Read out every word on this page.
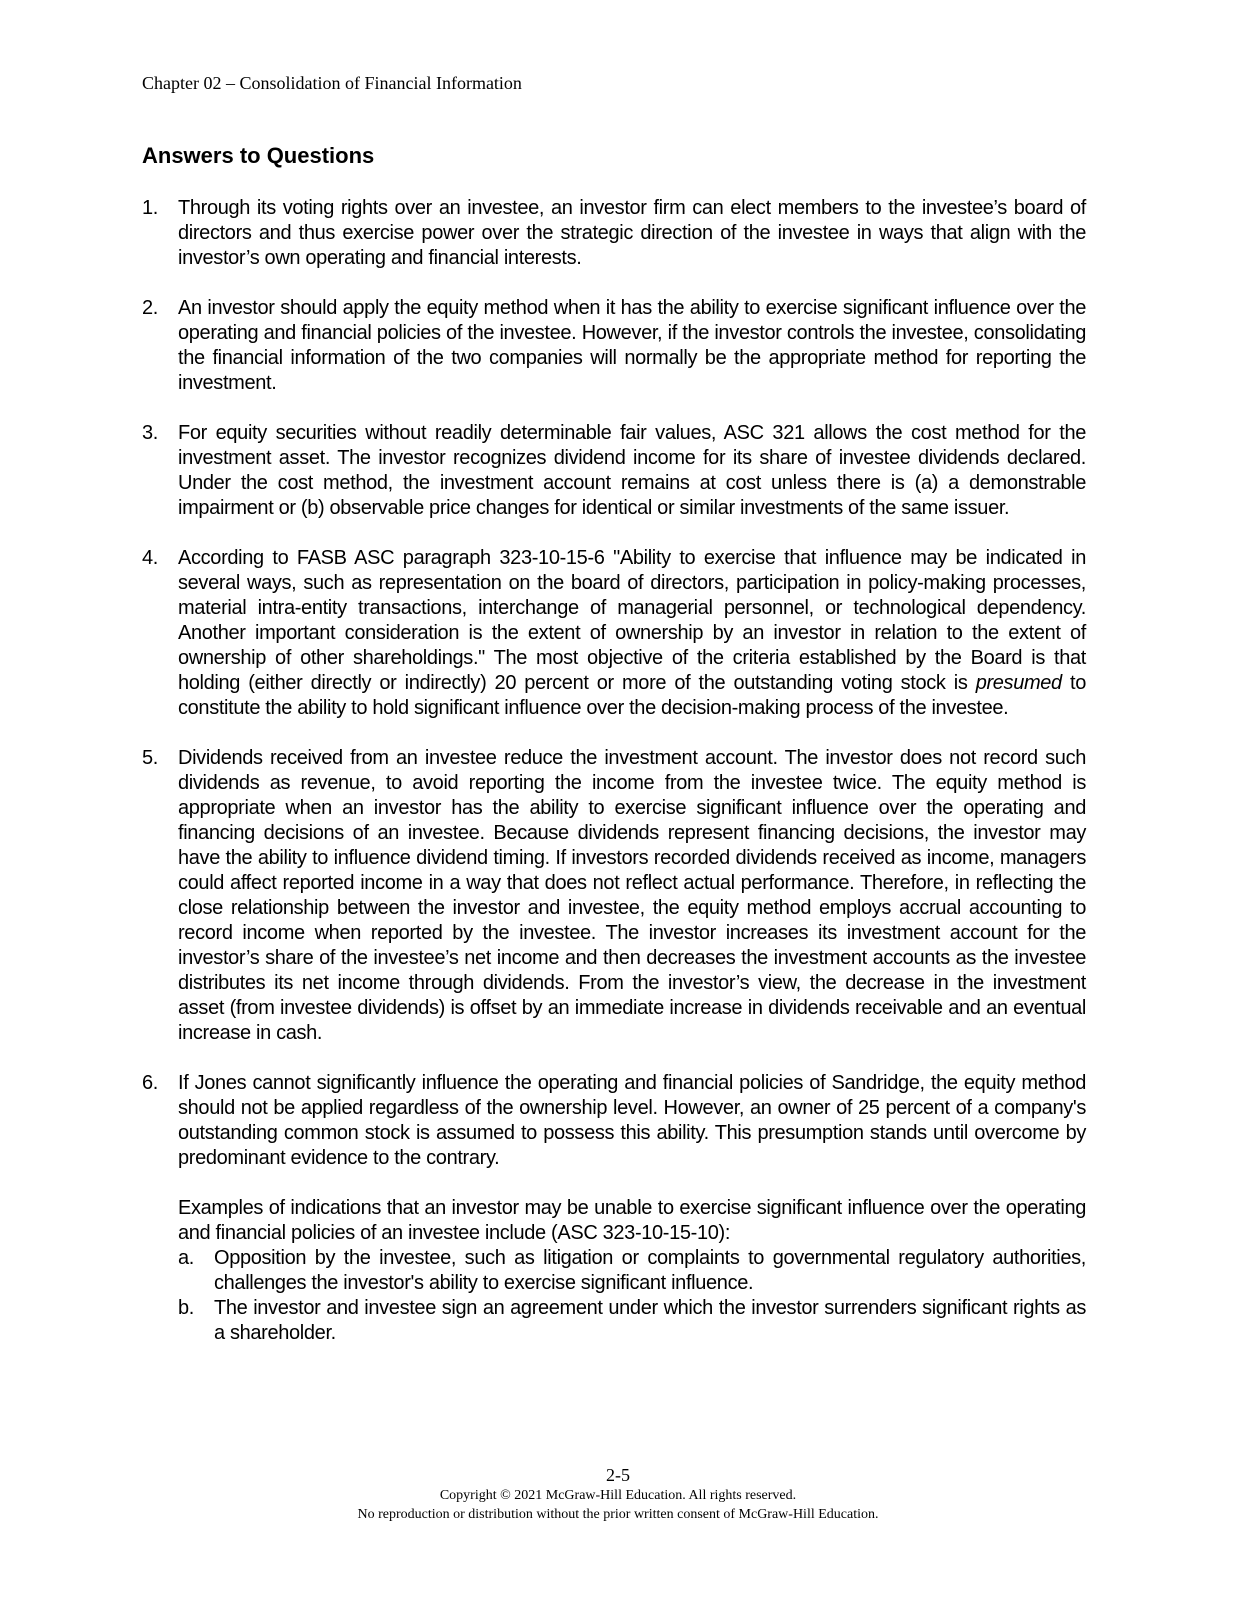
Chapter 02 – Consolidation of Financial Information
Answers to Questions
1. Through its voting rights over an investee, an investor firm can elect members to the investee’s board of directors and thus exercise power over the strategic direction of the investee in ways that align with the investor’s own operating and financial interests.

2. An investor should apply the equity method when it has the ability to exercise significant influence over the operating and financial policies of the investee. However, if the investor controls the investee, consolidating the financial information of the two companies will normally be the appropriate method for reporting the investment.

3. For equity securities without readily determinable fair values, ASC 321 allows the cost method for the investment asset. The investor recognizes dividend income for its share of investee dividends declared. Under the cost method, the investment account remains at cost unless there is (a) a demonstrable impairment or (b) observable price changes for identical or similar investments of the same issuer.

4. According to FASB ASC paragraph 323-10-15-6 "Ability to exercise that influence may be indicated in several ways, such as representation on the board of directors, participation in policy-making processes, material intra-entity transactions, interchange of managerial personnel, or technological dependency. Another important consideration is the extent of ownership by an investor in relation to the extent of ownership of other shareholdings." The most objective of the criteria established by the Board is that holding (either directly or indirectly) 20 percent or more of the outstanding voting stock is presumed to constitute the ability to hold significant influence over the decision-making process of the investee.

5. Dividends received from an investee reduce the investment account. The investor does not record such dividends as revenue, to avoid reporting the income from the investee twice. The equity method is appropriate when an investor has the ability to exercise significant influence over the operating and financing decisions of an investee. Because dividends represent financing decisions, the investor may have the ability to influence dividend timing. If investors recorded dividends received as income, managers could affect reported income in a way that does not reflect actual performance. Therefore, in reflecting the close relationship between the investor and investee, the equity method employs accrual accounting to record income when reported by the investee. The investor increases its investment account for the investor’s share of the investee’s net income and then decreases the investment accounts as the investee distributes its net income through dividends. From the investor’s view, the decrease in the investment asset (from investee dividends) is offset by an immediate increase in dividends receivable and an eventual increase in cash.

6. If Jones cannot significantly influence the operating and financial policies of Sandridge, the equity method should not be applied regardless of the ownership level. However, an owner of 25 percent of a company's outstanding common stock is assumed to possess this ability. This presumption stands until overcome by predominant evidence to the contrary.

Examples of indications that an investor may be unable to exercise significant influence over the operating and financial policies of an investee include (ASC 323-10-15-10):

a. Opposition by the investee, such as litigation or complaints to governmental regulatory authorities, challenges the investor's ability to exercise significant influence.
b. The investor and investee sign an agreement under which the investor surrenders significant rights as a shareholder.
2-5
Copyright © 2021 McGraw-Hill Education. All rights reserved.
No reproduction or distribution without the prior written consent of McGraw-Hill Education.
